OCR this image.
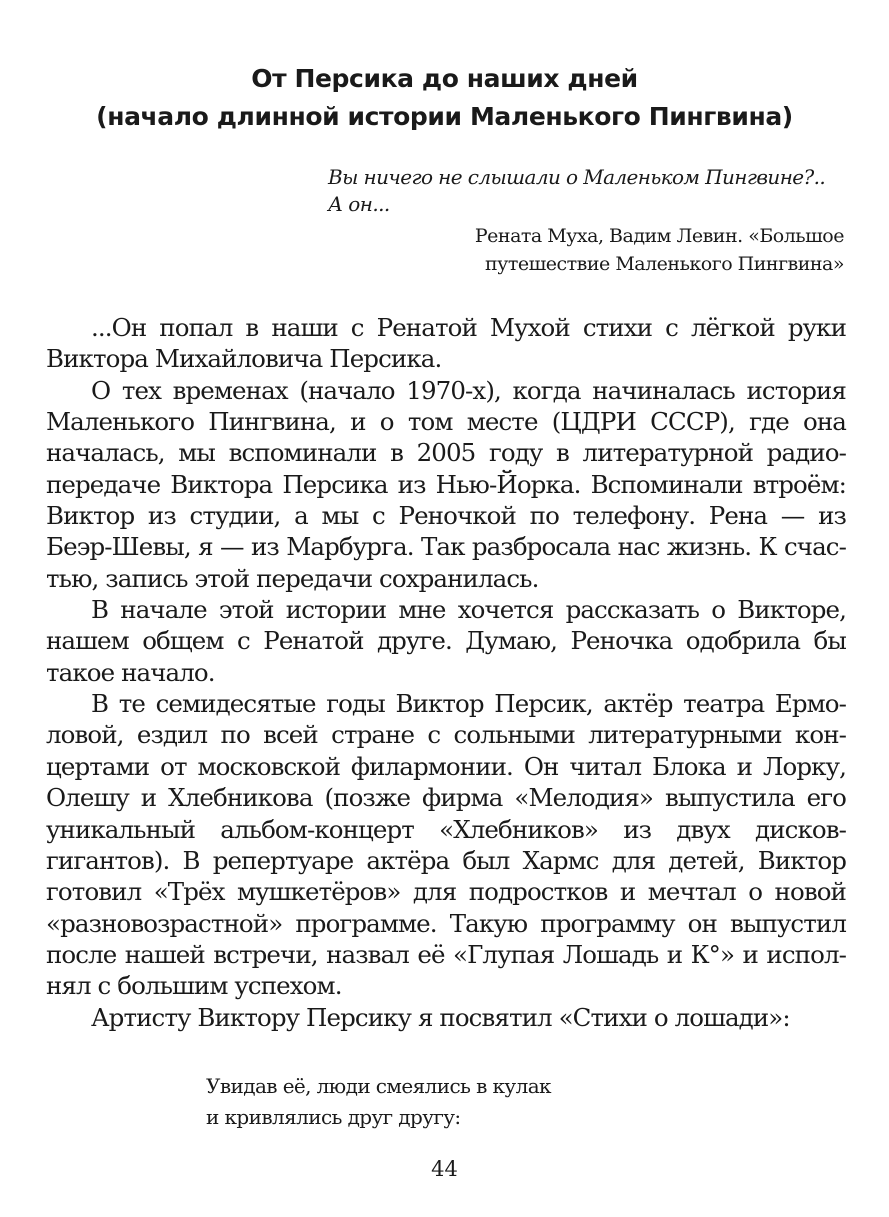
От Персика до наших дней
(начало длинной истории Маленького Пингвина)
Вы ничего не слышали о Маленьком Пингвине?..
А он...
Рената Муха, Вадим Левин. «Большое
путешествие Маленького Пингвина»
...Он попал в наши с Ренатой Мухой стихи с лёгкой руки
Виктора Михайловича Персика.
О тех временах (начало 1970-х), когда начиналась история
Маленького Пингвина, и о том месте (ЦДРИ СССР), где она
началась, мы вспоминали в 2005 году в литературной радио-
передаче Виктора Персика из Нью-Йорка. Вспоминали втроём:
Виктор из студии, а мы с Реночкой по телефону. Рена — из
Беэр-Шевы, я — из Марбурга. Так разбросала нас жизнь. К счас-
тью, запись этой передачи сохранилась.
В начале этой истории мне хочется рассказать о Викторе,
нашем общем с Ренатой друге. Думаю, Реночка одобрила бы
такое начало.
В те семидесятые годы Виктор Персик, актёр театра Ермо-
ловой, ездил по всей стране с сольными литературными кон-
цертами от московской филармонии. Он читал Блока и Лорку,
Олешу и Хлебникова (позже фирма «Мелодия» выпустила его
уникальный альбом-концерт «Хлебников» из двух дисков-
гигантов). В репертуаре актёра был Хармс для детей, Виктор
готовил «Трёх мушкетёров» для подростков и мечтал о новой
«разновозрастной» программе. Такую программу он выпустил
после нашей встречи, назвал её «Глупая Лошадь и К°» и испол-
нял с большим успехом.
Артисту Виктору Персику я посвятил «Стихи о лошади»:
Увидав её, люди смеялись в кулак
и кривлялись друг другу:
44
